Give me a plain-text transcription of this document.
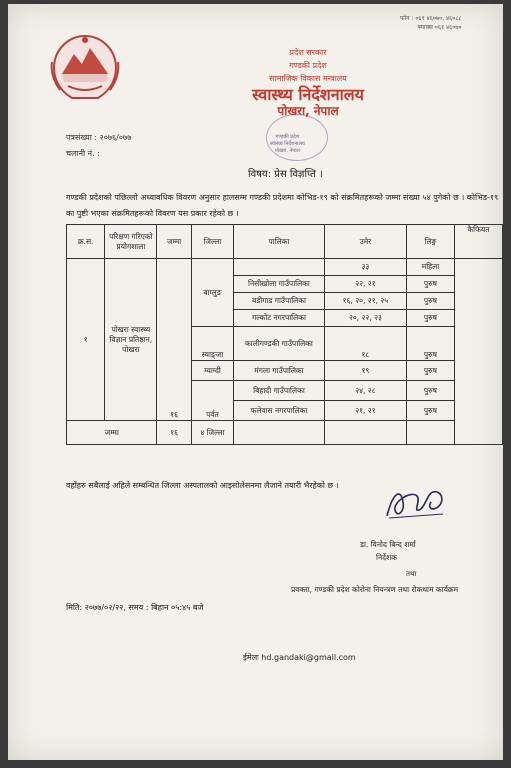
फोन : ०६१ ४६०७०, ४६०८८
फ्याक्स ०६१ ४६०७०
प्रदेश सरकार
गण्डकी प्रदेश
सामाजिक विकास मन्त्रालय
स्वास्थ्य निर्देशनालय
पोखरा, नेपाल
गण्डकी प्रदेश
स्वास्थ्य निर्देशनालय
पोखरा, नेपाल
पत्रसंख्या : २०७६/०७७
चलानी नं. :
विषय: प्रेस विज्ञप्ति ।
गण्डकी प्रदेशको पछिल्लो अध्यावधिक विवरण अनुसार हालसम्म गण्डकी प्रदेशमा कोभिड-१९ को संक्रमितहरूको जम्मा संख्या ५४ पुगेको छ । कोभिड-१९ का पुष्टी भएका संक्रमितहरूको विवरण यस प्रकार रहेको छ ।
क्र.स.	परिक्षण गरिएको प्रयोगशाला	जम्मा	जिल्ला	पालिका	उमेर	लिङ्ग	कैफियत
१	पोखरा स्वास्थ्य विज्ञान प्रतिष्ठान, पोखरा	१६	बाग्लुङ		३३	महिला	
				निसीखोला गाउँपालिका	२२, २१	पुरुष	
				बडीगाड गाउँपालिका	१६, २०, २१, २५	पुरुष	
				गल्कोट नगरपालिका	२०, २२, २३	पुरुष	
			स्याङ्जा	कालीगण्डकी गाउँपालिका	१८	पुरुष	
			म्याग्दी	मंगला गाउँपालिका	१९	पुरुष	
			पर्वत	बिहादी गाउँपालिका	२४, २८	पुरुष	
				फलेवास नगरपालिका	२१, २१	पुरुष	
जम्मा		१६	४ जिल्ला				
वहाँहरु सबैलाई अहिले सम्बन्धित जिल्ला अस्पतालको आइसोलेसनमा लैजाने तयारी भैरहेको छ ।
डा. विनोद बिन्द शर्मा
निर्देशक
तथा
प्रवक्ता, गण्डकी प्रदेश कोरोना नियन्त्रण तथा रोकथाम कार्यक्रम
मिति: २०७७/०२/२२, समय : बिहान ०५:४५ बजे
ईमेलः hd.gandaki@gmail.com
